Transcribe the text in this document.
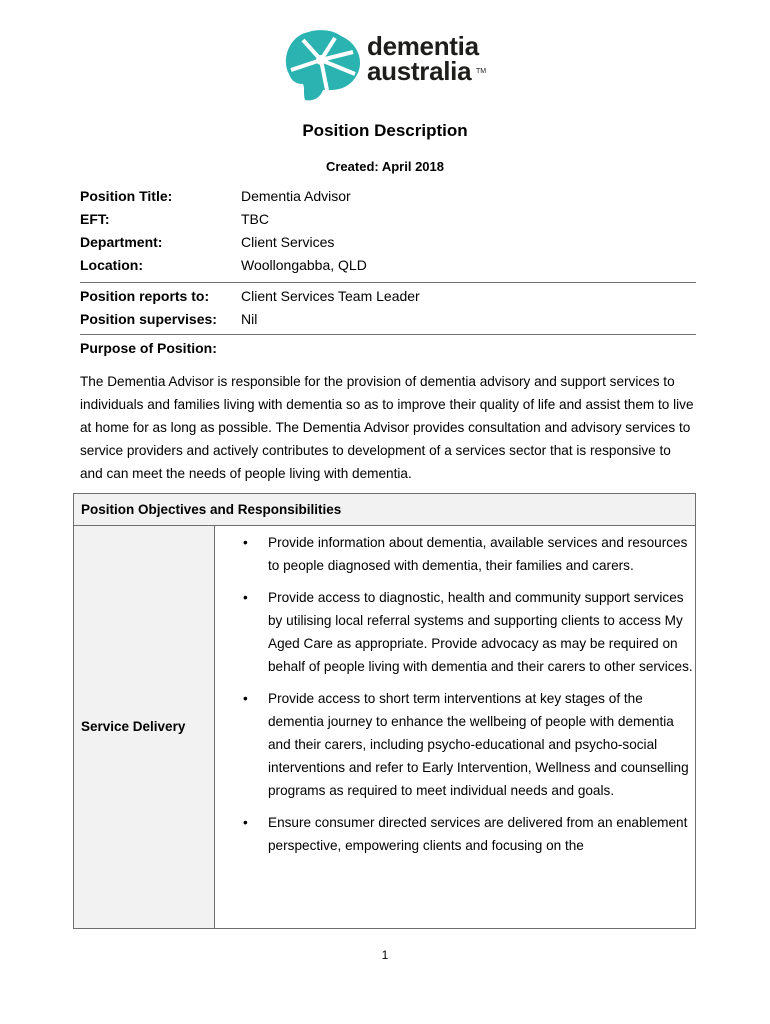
dementia
australia TM
Position Description
Created: April 2018
Position Title:	Dementia Advisor
EFT:	TBC
Department:	Client Services
Location:	Woollongabba, QLD
Position reports to: Client Services Team Leader
Position supervises: Nil
Purpose of Position:
The Dementia Advisor is responsible for the provision of dementia advisory and support services to individuals and families living with dementia so as to improve their quality of life and assist them to live at home for as long as possible. The Dementia Advisor provides consultation and advisory services to service providers and actively contributes to development of a services sector that is responsive to and can meet the needs of people living with dementia.
Position Objectives and Responsibilities
Service Delivery
• Provide information about dementia, available services and resources to people diagnosed with dementia, their families and carers.
• Provide access to diagnostic, health and community support services by utilising local referral systems and supporting clients to access My Aged Care as appropriate. Provide advocacy as may be required on behalf of people living with dementia and their carers to other services.
• Provide access to short term interventions at key stages of the dementia journey to enhance the wellbeing of people with dementia and their carers, including psycho-educational and psycho-social interventions and refer to Early Intervention, Wellness and counselling programs as required to meet individual needs and goals.
• Ensure consumer directed services are delivered from an enablement perspective, empowering clients and focusing on the
1
